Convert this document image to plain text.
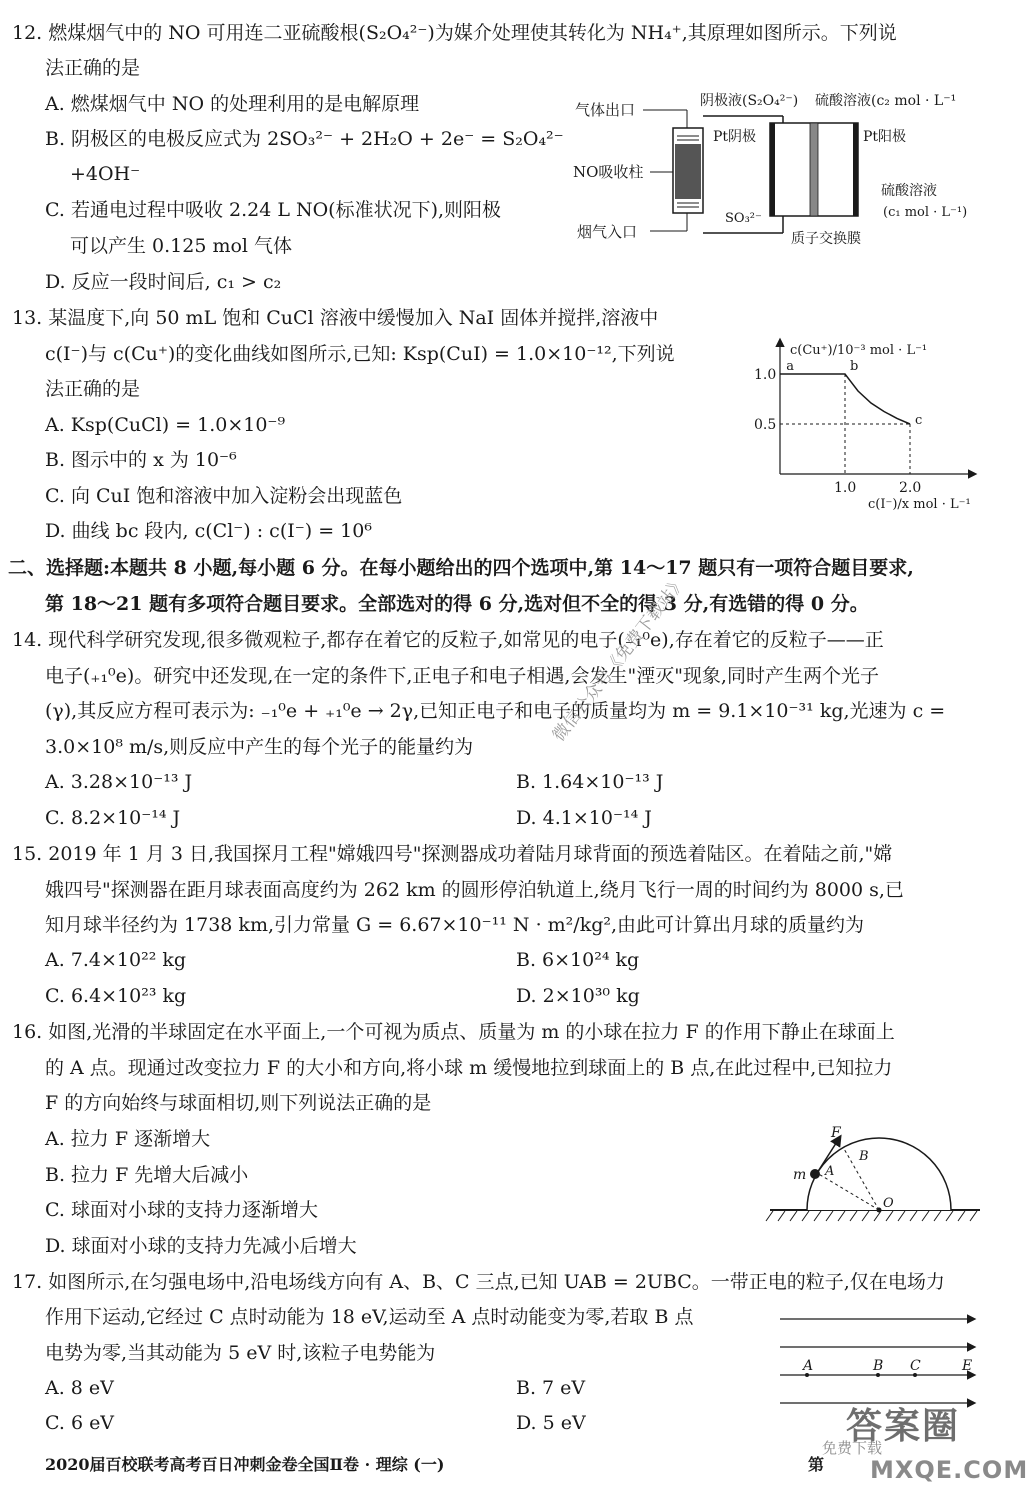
12. 燃煤烟气中的 NO 可用连二亚硫酸根(S₂O₄²⁻)为媒介处理使其转化为 NH₄⁺,其原理如图所示。下列说
法正确的是
A. 燃煤烟气中 NO 的处理利用的是电解原理
B. 阴极区的电极反应式为 2SO₃²⁻ + 2H₂O + 2e⁻ = S₂O₄²⁻
+4OH⁻
C. 若通电过程中吸收 2.24 L NO(标准状况下),则阳极
可以产生 0.125 mol 气体
D. 反应一段时间后, c₁ > c₂
气体出口
NO吸收柱
烟气入口
阴极液(S₂O₄²⁻) 硫酸溶液(c₂ mol · L⁻¹
Pt阴极	Pt阳极
硫酸溶液
(c₁ mol · L⁻¹)
SO₃²⁻
质子交换膜
13. 某温度下,向 50 mL 饱和 CuCl 溶液中缓慢加入 NaI 固体并搅拌,溶液中
c(I⁻)与 c(Cu⁺)的变化曲线如图所示,已知: Ksp(CuI) = 1.0×10⁻¹²,下列说
法正确的是
A. Ksp(CuCl) = 1.0×10⁻⁹
B. 图示中的 x 为 10⁻⁶
C. 向 CuI 饱和溶液中加入淀粉会出现蓝色
D. 曲线 bc 段内, c(Cl⁻) : c(I⁻) = 10⁶
1.0
0.5
1.0	2.0
a	b
c
c(Cu⁺)/10⁻³ mol · L⁻¹
c(I⁻)/x mol · L⁻¹
二、选择题:本题共 8 小题,每小题 6 分。在每小题给出的四个选项中,第 14～17 题只有一项符合题目要求,
第 18～21 题有多项符合题目要求。全部选对的得 6 分,选对但不全的得 3 分,有选错的得 0 分。
14. 现代科学研究发现,很多微观粒子,都存在着它的反粒子,如常见的电子(₋₁⁰e),存在着它的反粒子——正
电子(₊₁⁰e)。研究中还发现,在一定的条件下,正电子和电子相遇,会发生"湮灭"现象,同时产生两个光子
(γ),其反应方程可表示为: ₋₁⁰e + ₊₁⁰e → 2γ,已知正电子和电子的质量均为 m = 9.1×10⁻³¹ kg,光速为 c =
3.0×10⁸ m/s,则反应中产生的每个光子的能量约为
A. 3.28×10⁻¹³ J	B. 1.64×10⁻¹³ J
C. 8.2×10⁻¹⁴ J	D. 4.1×10⁻¹⁴ J
15. 2019 年 1 月 3 日,我国探月工程"嫦娥四号"探测器成功着陆月球背面的预选着陆区。在着陆之前,"嫦
娥四号"探测器在距月球表面高度约为 262 km 的圆形停泊轨道上,绕月飞行一周的时间约为 8000 s,已
知月球半径约为 1738 km,引力常量 G = 6.67×10⁻¹¹ N · m²/kg²,由此可计算出月球的质量约为
A. 7.4×10²² kg	B. 6×10²⁴ kg
C. 6.4×10²³ kg	D. 2×10³⁰ kg
16. 如图,光滑的半球固定在水平面上,一个可视为质点、质量为 m 的小球在拉力 F 的作用下静止在球面上
的 A 点。现通过改变拉力 F 的大小和方向,将小球 m 缓慢地拉到球面上的 B 点,在此过程中,已知拉力
F 的方向始终与球面相切,则下列说法正确的是
A. 拉力 F 逐渐增大
B. 拉力 F 先增大后减小
C. 球面对小球的支持力逐渐增大
D. 球面对小球的支持力先减小后增大
F
m A
B
O
17. 如图所示,在匀强电场中,沿电场线方向有 A、B、C 三点,已知 UAB = 2UBC。一带正电的粒子,仅在电场力
作用下运动,它经过 C 点时动能为 18 eV,运动至 A 点时动能变为零,若取 B 点
电势为零,当其动能为 5 eV 时,该粒子电势能为
A. 8 eV	B. 7 eV
C. 6 eV	D. 5 eV
A	B C	E
微信公众号《免费下载站》
答案圈
免费下载
MXQE.COM
2020届百校联考高考百日冲刺金卷全国Ⅱ卷 · 理综 (一)	第
